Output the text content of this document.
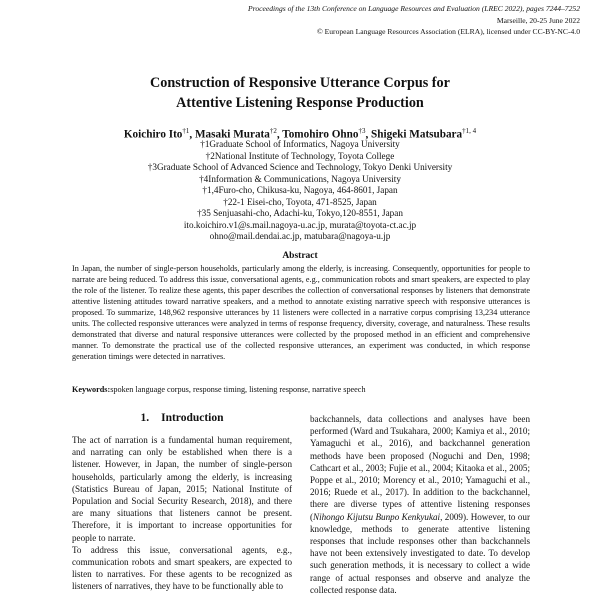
Proceedings of the 13th Conference on Language Resources and Evaluation (LREC 2022), pages 7244–7252
Marseille, 20-25 June 2022
© European Language Resources Association (ELRA), licensed under CC-BY-NC-4.0
Construction of Responsive Utterance Corpus for
Attentive Listening Response Production
Koichiro Ito$^{\dagger 1}$, Masaki Murata$^{\dagger 2}$, Tomohiro Ohno$^{\dagger 3}$, Shigeki Matsubara$^{\dagger 1, 4}$
†1Graduate School of Informatics, Nagoya University
†2National Institute of Technology, Toyota College
†3Graduate School of Advanced Science and Technology, Tokyo Denki University
†4Information & Communications, Nagoya University
†1,4Furo-cho, Chikusa-ku, Nagoya, 464-8601, Japan
†22-1 Eisei-cho, Toyota, 471-8525, Japan
†35 Senjuasahi-cho, Adachi-ku, Tokyo,120-8551, Japan
ito.koichiro.v1@s.mail.nagoya-u.ac.jp, murata@toyota-ct.ac.jp
ohno@mail.dendai.ac.jp, matubara@nagoya-u.jp
Abstract
In Japan, the number of single-person households, particularly among the elderly, is increasing. Consequently, opportunities for people to narrate are being reduced. To address this issue, conversational agents, e.g., communication robots and smart speakers, are expected to play the role of the listener. To realize these agents, this paper describes the collection of conversational responses by listeners that demonstrate attentive listening attitudes toward narrative speakers, and a method to annotate existing narrative speech with responsive utterances is proposed. To summarize, 148,962 responsive utterances by 11 listeners were collected in a narrative corpus comprising 13,234 utterance units. The collected responsive utterances were analyzed in terms of response frequency, diversity, coverage, and naturalness. These results demonstrated that diverse and natural responsive utterances were collected by the proposed method in an efficient and comprehensive manner. To demonstrate the practical use of the collected responsive utterances, an experiment was conducted, in which response generation timings were detected in narratives.
Keywords:spoken language corpus, response timing, listening response, narrative speech
1. Introduction

The act of narration is a fundamental human requirement, and narrating can only be established when there is a listener. However, in Japan, the number of single-person households, particularly among the elderly, is increasing (Statistics Bureau of Japan, 2015; National Institute of Population and Social Security Research, 2018), and there are many situations that listeners cannot be present. Therefore, it is important to increase opportunities for people to narrate.

To address this issue, conversational agents, e.g., communication robots and smart speakers, are expected to listen to narratives. For these agents to be recognized as listeners of narratives, they have to be functionally able to

backchannels, data collections and analyses have been performed (Ward and Tsukahara, 2000; Kamiya et al., 2010; Yamaguchi et al., 2016), and backchannel generation methods have been proposed (Noguchi and Den, 1998; Cathcart et al., 2003; Fujie et al., 2004; Kitaoka et al., 2005; Poppe et al., 2010; Morency et al., 2010; Yamaguchi et al., 2016; Ruede et al., 2017). In addition to the backchannel, there are diverse types of attentive listening responses (Nihongo Kijutsu Bunpo Kenkyukai, 2009). However, to our knowledge, methods to generate attentive listening responses that include responses other than backchannels have not been extensively investigated to date. To develop such generation methods, it is necessary to collect a wide range of actual responses and observe and analyze the collected response data.
